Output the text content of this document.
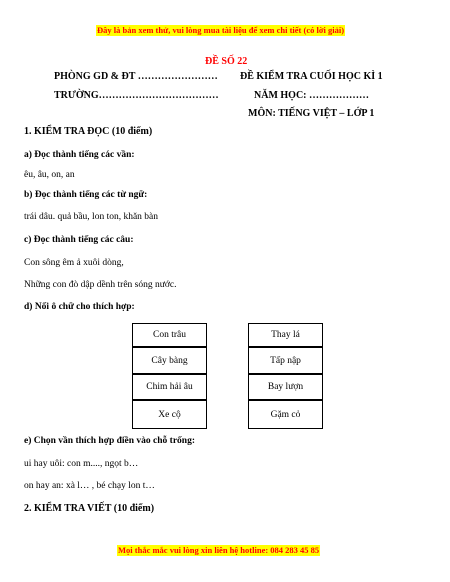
Đây là bản xem thử, vui lòng mua tài liệu để xem chi tiết (có lời giải)
ĐỀ SỐ 22
PHÒNG GD & ĐT ……………………
TRƯỜNG………………………………
ĐỀ KIỂM TRA CUỐI HỌC KÌ 1
NĂM HỌC: ………………
MÔN: TIẾNG VIỆT – LỚP 1
1. KIỂM TRA ĐỌC (10 điểm)
a) Đọc thành tiếng các vần:
êu, âu, on, an
b) Đọc thành tiếng các từ ngữ:
trái dâu. quả bầu, lon ton, khăn bàn
c) Đọc thành tiếng các câu:
Con sông êm ả xuôi dòng,
Những con đò dập dềnh trên sóng nước.
d) Nối ô chữ cho thích hợp:
Con trâu
Cây bàng
Chim hải âu
Xe cộ
Thay lá
Tấp nập
Bay lượn
Gặm cỏ
e) Chọn vần thích hợp điền vào chỗ trống:
ui hay uôi: con m...., ngọt b…
on hay an: xà l… , bé chạy lon t…
2. KIỂM TRA VIẾT (10 điểm)
Mọi thắc mắc vui lòng xin liên hệ hotline: 084 283 45 85
